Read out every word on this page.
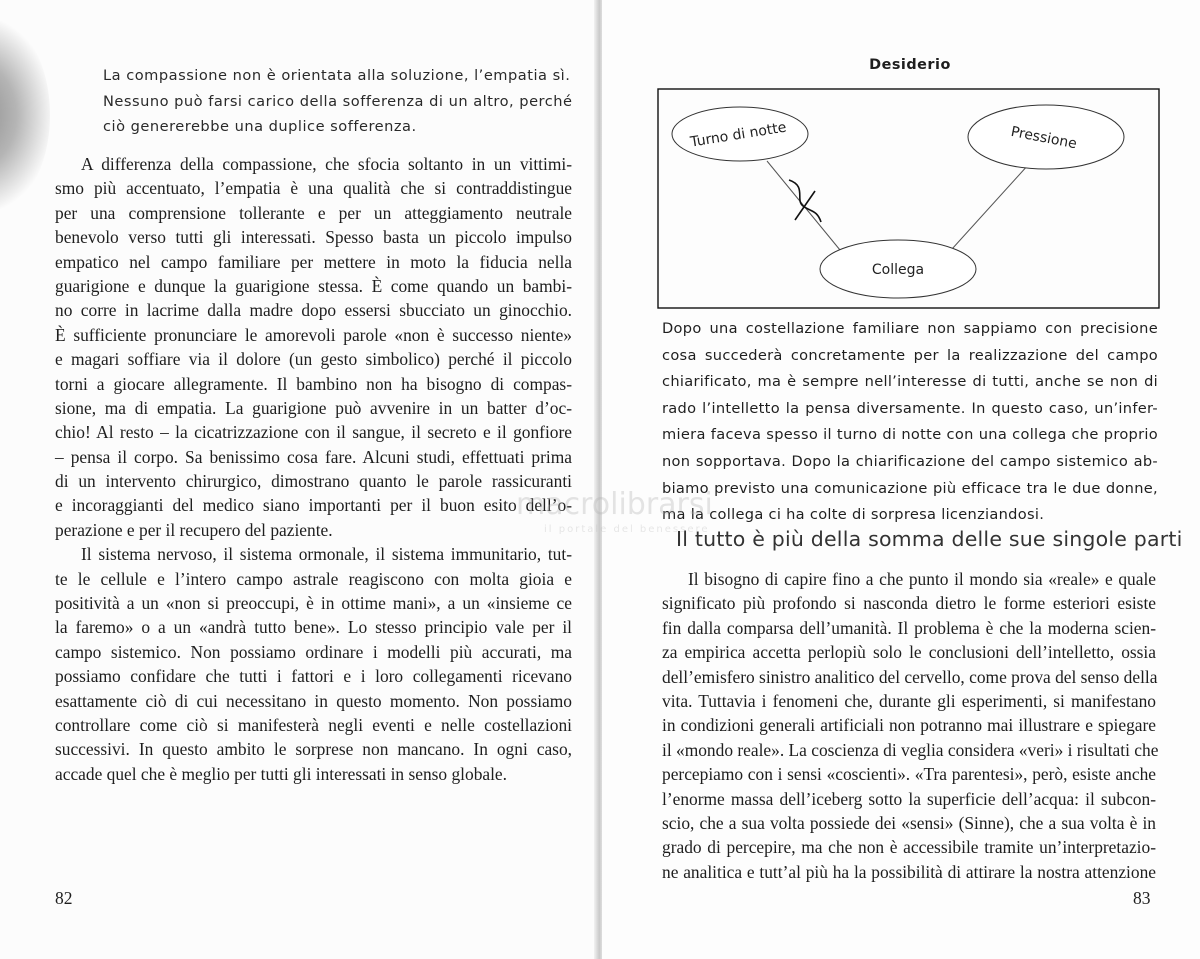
La compassione non è orientata alla soluzione, l’empatia sì.
Nessuno può farsi carico della sofferenza di un altro, perché
ciò genererebbe una duplice sofferenza.
A differenza della compassione, che sfocia soltanto in un vittimi-
smo più accentuato, l’empatia è una qualità che si contraddistingue
per una comprensione tollerante e per un atteggiamento neutrale
benevolo verso tutti gli interessati. Spesso basta un piccolo impulso
empatico nel campo familiare per mettere in moto la fiducia nella
guarigione e dunque la guarigione stessa. È come quando un bambi-
no corre in lacrime dalla madre dopo essersi sbucciato un ginocchio.
È sufficiente pronunciare le amorevoli parole «non è successo niente»
e magari soffiare via il dolore (un gesto simbolico) perché il piccolo
torni a giocare allegramente. Il bambino non ha bisogno di compas-
sione, ma di empatia. La guarigione può avvenire in un batter d’oc-
chio! Al resto – la cicatrizzazione con il sangue, il secreto e il gonfiore
– pensa il corpo. Sa benissimo cosa fare. Alcuni studi, effettuati prima
di un intervento chirurgico, dimostrano quanto le parole rassicuranti
e incoraggianti del medico siano importanti per il buon esito dell’o-
perazione e per il recupero del paziente.
Il sistema nervoso, il sistema ormonale, il sistema immunitario, tut-
te le cellule e l’intero campo astrale reagiscono con molta gioia e
positività a un «non si preoccupi, è in ottime mani», a un «insieme ce
la faremo» o a un «andrà tutto bene». Lo stesso principio vale per il
campo sistemico. Non possiamo ordinare i modelli più accurati, ma
possiamo confidare che tutti i fattori e i loro collegamenti ricevano
esattamente ciò di cui necessitano in questo momento. Non possiamo
controllare come ciò si manifesterà negli eventi e nelle costellazioni
successivi. In questo ambito le sorprese non mancano. In ogni caso,
accade quel che è meglio per tutti gli interessati in senso globale.
82
Desiderio
Turno di notte	Pressione
Collega
Dopo una costellazione familiare non sappiamo con precisione
cosa succederà concretamente per la realizzazione del campo
chiarificato, ma è sempre nell’interesse di tutti, anche se non di
rado l’intelletto la pensa diversamente. In questo caso, un’infer-
miera faceva spesso il turno di notte con una collega che proprio
non sopportava. Dopo la chiarificazione del campo sistemico ab-
biamo previsto una comunicazione più efficace tra le due donne,
ma la collega ci ha colte di sorpresa licenziandosi.
Il tutto è più della somma delle sue singole parti
Il bisogno di capire fino a che punto il mondo sia «reale» e quale
significato più profondo si nasconda dietro le forme esteriori esiste
fin dalla comparsa dell’umanità. Il problema è che la moderna scien-
za empirica accetta perlopiù solo le conclusioni dell’intelletto, ossia
dell’emisfero sinistro analitico del cervello, come prova del senso della
vita. Tuttavia i fenomeni che, durante gli esperimenti, si manifestano
in condizioni generali artificiali non potranno mai illustrare e spiegare
il «mondo reale». La coscienza di veglia considera «veri» i risultati che
percepiamo con i sensi «coscienti». «Tra parentesi», però, esiste anche
l’enorme massa dell’iceberg sotto la superficie dell’acqua: il subcon-
scio, che a sua volta possiede dei «sensi» (Sinne), che a sua volta è in
grado di percepire, ma che non è accessibile tramite un’interpretazio-
ne analitica e tutt’al più ha la possibilità di attirare la nostra attenzione
83
macrolibrarsi
il portale del benessere
